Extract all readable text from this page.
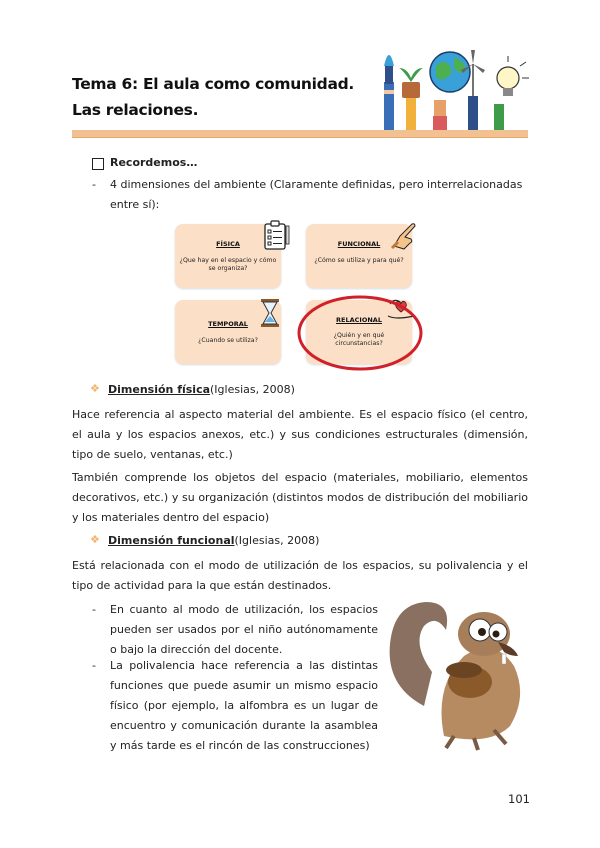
Tema 6: El aula como comunidad.
Las relaciones.
Recordemos…
- 4 dimensiones del ambiente (Claramente definidas, pero interrelacionadas entre sí):
FÍSICA
¿Que hay en el espacio y cómo se organiza?
FUNCIONAL
¿Cómo se utiliza y para qué?
TEMPORAL
¿Cuando se utiliza?
RELACIONAL
¿Quién y en qué circunstancias?
❖ Dimensión física(Iglesias, 2008)
Hace referencia al aspecto material del ambiente. Es el espacio físico (el centro, el aula y los espacios anexos, etc.) y sus condiciones estructurales (dimensión, tipo de suelo, ventanas, etc.)
También comprende los objetos del espacio (materiales, mobiliario, elementos decorativos, etc.) y su organización (distintos modos de distribución del mobiliario y los materiales dentro del espacio)
❖ Dimensión funcional(Iglesias, 2008)
Está relacionada con el modo de utilización de los espacios, su polivalencia y el tipo de actividad para la que están destinados.
- En cuanto al modo de utilización, los espacios pueden ser usados por el niño autónomamente o bajo la dirección del docente.
- La polivalencia hace referencia a las distintas funciones que puede asumir un mismo espacio físico (por ejemplo, la alfombra es un lugar de encuentro y comunicación durante la asamblea y más tarde es el rincón de las construcciones)
101
